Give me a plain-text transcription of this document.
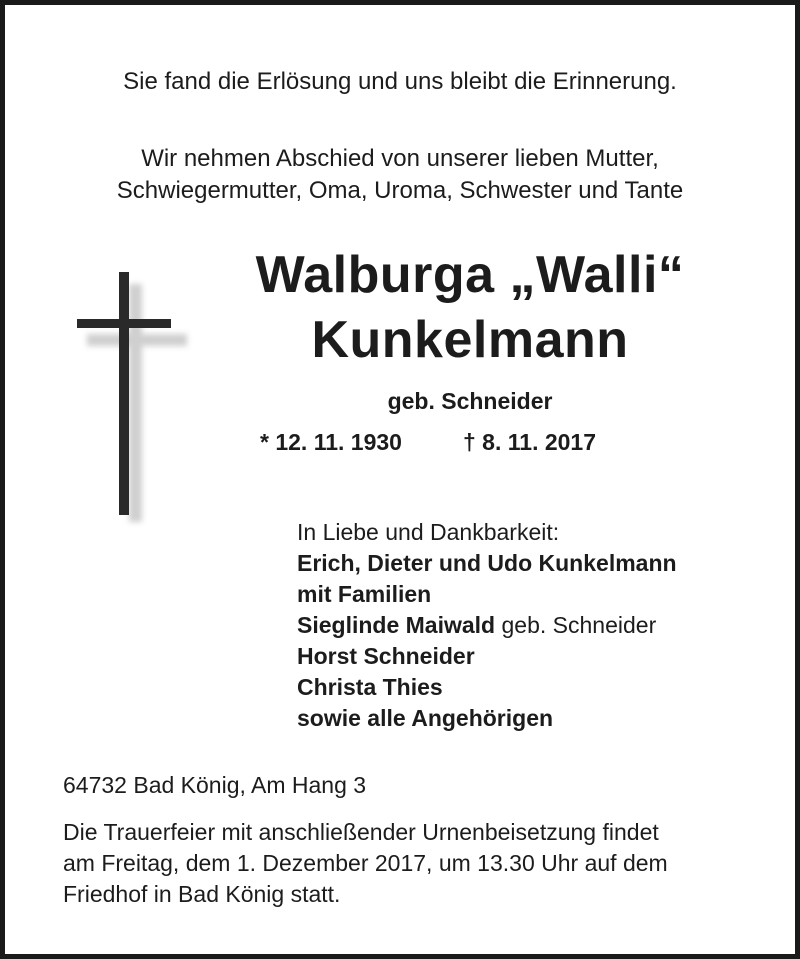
Sie fand die Erlösung und uns bleibt die Erinnerung.

Wir nehmen Abschied von unserer lieben Mutter,

Schwiegermutter, Oma, Uroma, Schwester und Tante

Walburga „Walli“

Kunkelmann

geb. Schneider

* 12. 11. 1930	† 8. 11. 2017

In Liebe und Dankbarkeit:
Erich, Dieter und Udo Kunkelmann
mit Familien
Sieglinde Maiwald geb. Schneider
Horst Schneider
Christa Thies
sowie alle Angehörigen
64732 Bad König, Am Hang 3
Die Trauerfeier mit anschließender Urnenbeisetzung findet
am Freitag, dem 1. Dezember 2017, um 13.30 Uhr auf dem
Friedhof in Bad König statt.
